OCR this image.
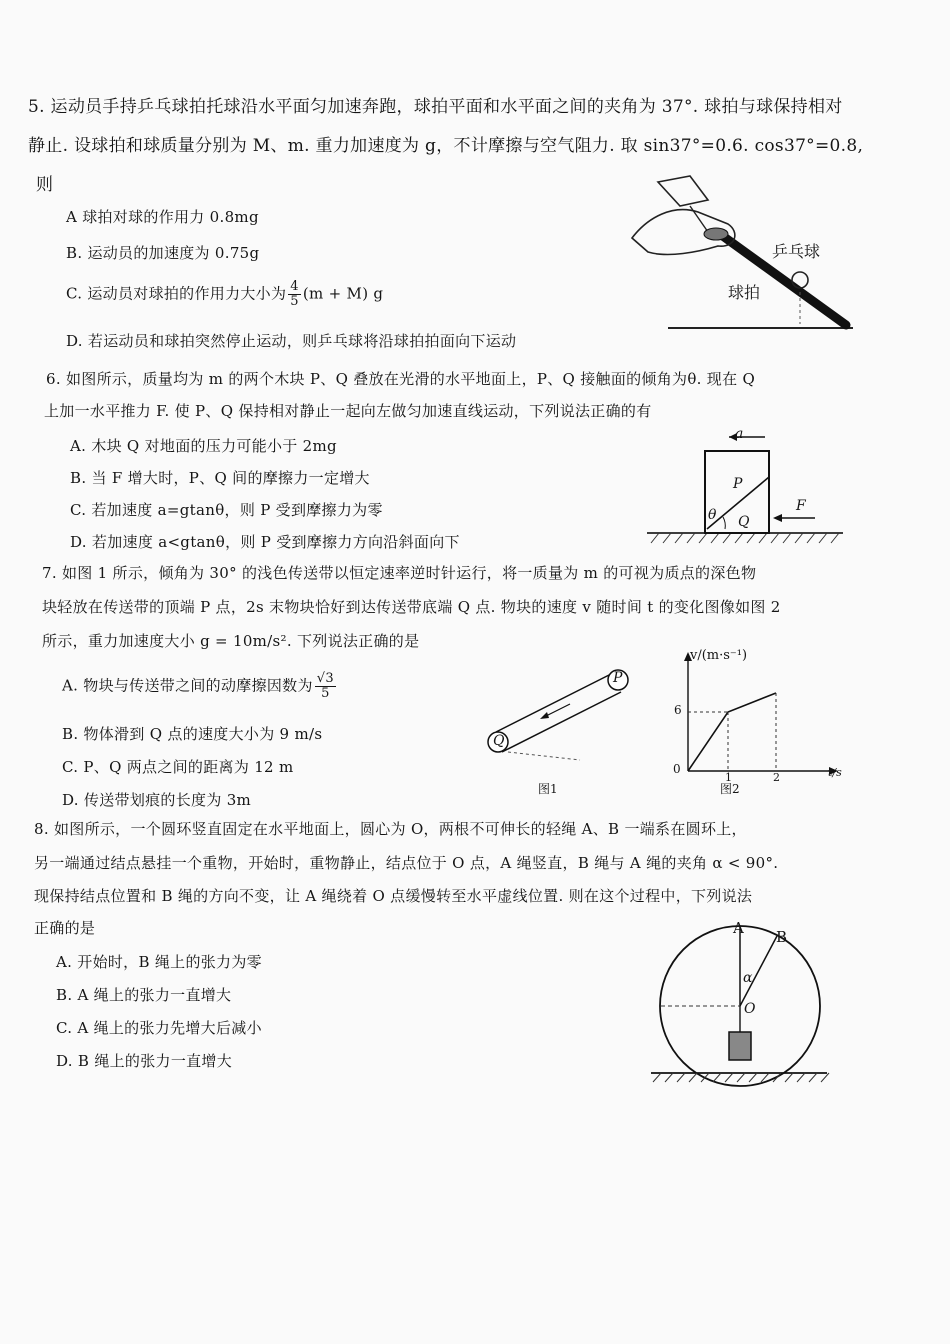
5. 运动员手持乒乓球拍托球沿水平面匀加速奔跑，球拍平面和水平面之间的夹角为 37°. 球拍与球保持相对
静止. 设球拍和球质量分别为 M、m. 重力加速度为 g，不计摩擦与空气阻力. 取 sin37°=0.6. cos37°=0.8,
则
A 球拍对球的作用力 0.8mg
B. 运动员的加速度为 0.75g
C. 运动员对球拍的作用力大小为 $\frac{4}{5} (m + M)$ g
D. 若运动员和球拍突然停止运动，则乒乓球将沿球拍拍面向下运动
乒乓球
球拍
6. 如图所示，质量均为 m 的两个木块 P、Q 叠放在光滑的水平地面上，P、Q 接触面的倾角为θ. 现在 Q
上加一水平推力 F. 使 P、Q 保持相对静止一起向左做匀加速直线运动，下列说法正确的有
A. 木块 Q 对地面的压力可能小于 2mg
B. 当 F 增大时，P、Q 间的摩擦力一定增大
C. 若加速度 a=gtanθ，则 P 受到摩擦力为零
D. 若加速度 a<gtanθ，则 P 受到摩擦力方向沿斜面向下
a
P
θ Q
F
7. 如图 1 所示，倾角为 30° 的浅色传送带以恒定速率逆时针运行，将一质量为 m 的可视为质点的深色物
块轻放在传送带的顶端 P 点，2s 末物块恰好到达传送带底端 Q 点. 物块的速度 v 随时间 t 的变化图像如图 2
所示，重力加速度大小 g = 10m/s². 下列说法正确的是
A. 物块与传送带之间的动摩擦因数为 $\frac{√3}{5}$
B. 物体滑到 Q 点的速度大小为 9 m/s
C. P、Q 两点之间的距离为 12 m
D. 传送带划痕的长度为 3m
P
Q
图1
v/(m·s⁻¹)
t/s
0
6
1	2
图2
8. 如图所示，一个圆环竖直固定在水平地面上，圆心为 O，两根不可伸长的轻绳 A、B 一端系在圆环上，
另一端通过结点悬挂一个重物，开始时，重物静止，结点位于 O 点，A 绳竖直，B 绳与 A 绳的夹角 α < 90°.
现保持结点位置和 B 绳的方向不变，让 A 绳绕着 O 点缓慢转至水平虚线位置. 则在这个过程中，下列说法
正确的是
A. 开始时，B 绳上的张力为零
B. A 绳上的张力一直增大
C. A 绳上的张力先增大后减小
D. B 绳上的张力一直增大
A B
α
O
